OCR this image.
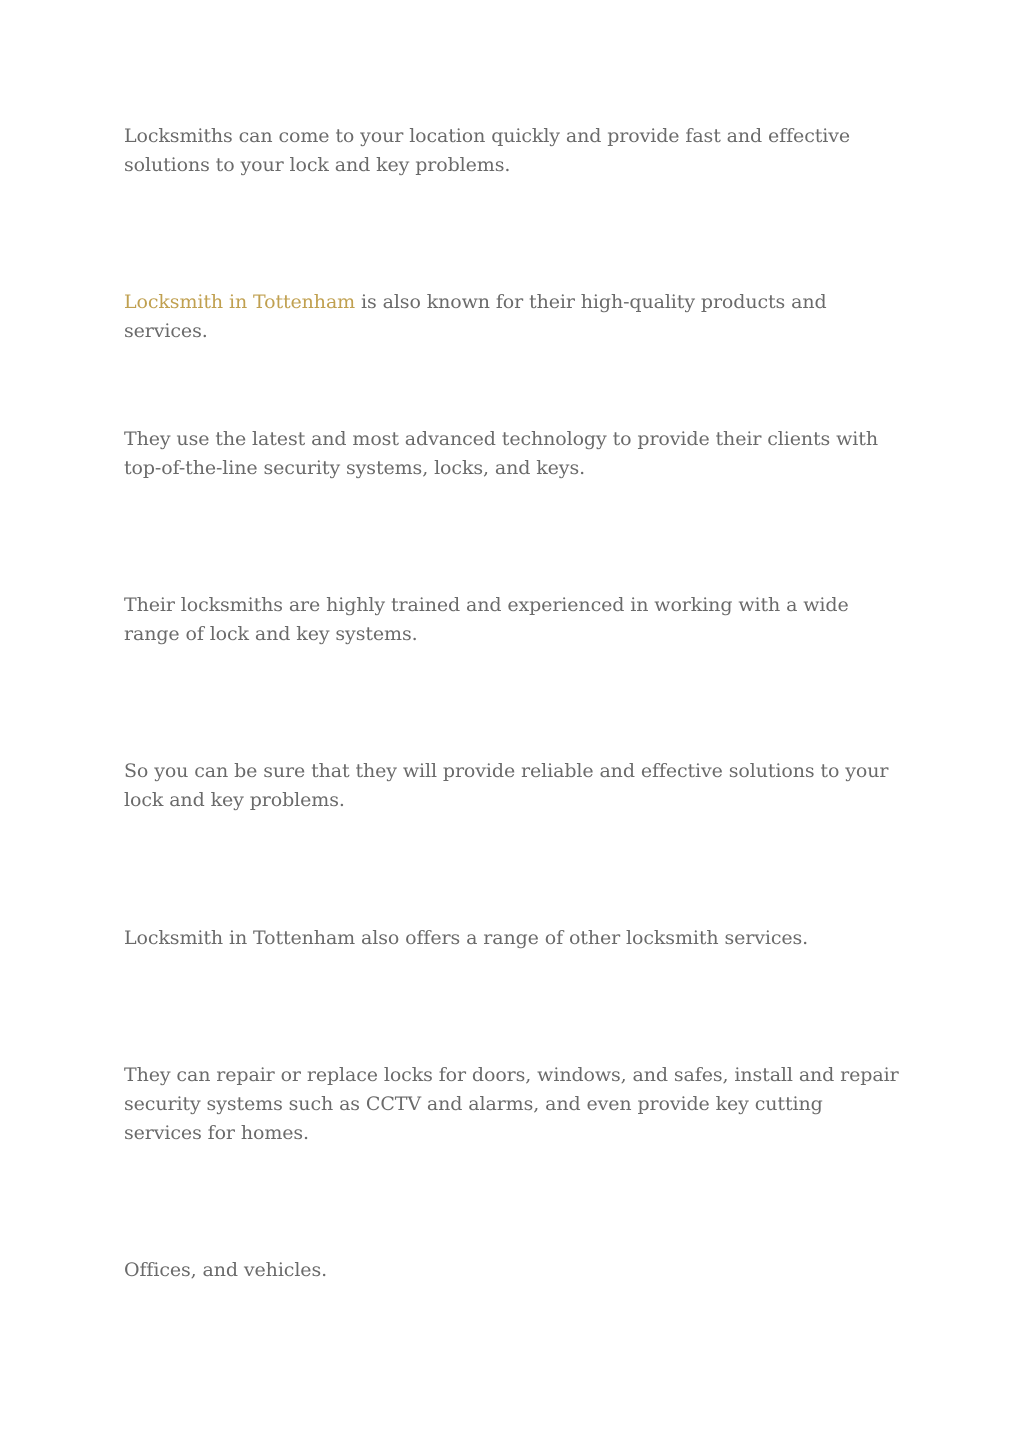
Locksmiths can come to your location quickly and provide fast and effective solutions to your lock and key problems.

Locksmith in Tottenham is also known for their high-quality products and services.

They use the latest and most advanced technology to provide their clients with top-of-the-line security systems, locks, and keys.

Their locksmiths are highly trained and experienced in working with a wide range of lock and key systems.

So you can be sure that they will provide reliable and effective solutions to your lock and key problems.

Locksmith in Tottenham also offers a range of other locksmith services.

They can repair or replace locks for doors, windows, and safes, install and repair security systems such as CCTV and alarms, and even provide key cutting services for homes.

Offices, and vehicles.
